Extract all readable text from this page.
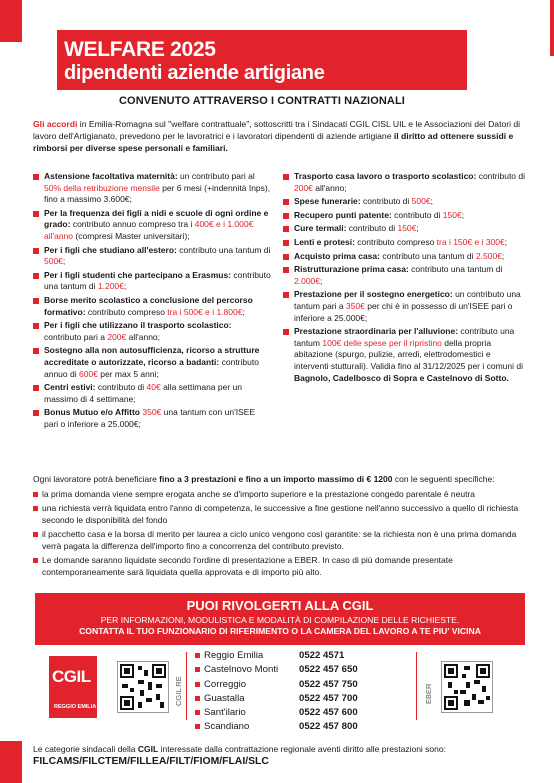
WELFARE 2025
dipendenti aziende artigiane
CONVENUTO ATTRAVERSO I CONTRATTI NAZIONALI
Gli accordi in Emilia-Romagna sul "welfare contrattuale", sottoscritti tra i Sindacati CGIL CISL UIL e le Associazioni dei Datori di lavoro dell'Artigianato, prevedono per le lavoratrici e i lavoratori dipendenti di aziende artigiane il diritto ad ottenere sussidi e rimborsi per diverse spese personali e familiari.
Astensione facoltativa maternità: un contributo pari al 50% della retribuzione mensile per 6 mesi (+indennità Inps), fino a massimo 3.600€;
Per la frequenza dei figli a nidi e scuole di ogni ordine e grado: contributo annuo compreso tra i 400€ e i 1.000€ all'anno (compresi Master universitari);
Per i figli che studiano all'estero: contributo una tantum di 500€;
Per i figli studenti che partecipano a Erasmus: contributo una tantum di 1.200€;
Borse merito scolastico a conclusione del percorso formativo: contributo compreso tra i 500€ e i 1.800€;
Per i figli che utilizzano il trasporto scolastico: contributo pari a 200€ all'anno;
Sostegno alla non autosufficienza, ricorso a strutture accreditate o autorizzate, ricorso a badanti: contributo annuo di 600€ per max 5 anni;
Centri estivi: contributo di 40€ alla settimana per un massimo di 4 settimane;
Bonus Mutuo e/o Affitto 350€ una tantum con un'ISEE pari o inferiore a 25.000€;
Trasporto casa lavoro o trasporto scolastico: contributo di 200€ all'anno;
Spese funerarie: contributo di 500€;
Recupero punti patente: contributo di 150€;
Cure termali: contributo di 150€;
Lenti e protesi: contributo compreso tra i 150€ e i 300€;
Acquisto prima casa: contributo una tantum di 2.500€;
Ristrutturazione prima casa: contributo una tantum di 2.000€;
Prestazione per il sostegno energetico: un contributo una tantum pari a 350€ per chi è in possesso di un'ISEE pari o inferiore a 25.000€;
Prestazione straordinaria per l'alluvione: contributo una tantum 100€ delle spese per il ripristino della propria abitazione (spurgo, pulizie, arredi, elettrodomestici e interventi stutturali). Validia fino al 31/12/2025 per i comuni di Bagnolo, Cadelbosco di Sopra e Castelnovo di Sotto.

Ogni lavoratore potrà beneficiare fino a 3 prestazioni e fino a un importo massimo di € 1200 con le seguenti specifiche:

la prima domanda viene sempre erogata anche se d'importo superiore e la prestazione congedo parentale è neutra
una richiesta verrà liquidata entro l'anno di competenza, le successive a fine gestione nell'anno successivo a quello di richiesta secondo le disponibilità del fondo
il pacchetto casa e la borsa di merito per laurea a ciclo unico vengono così garantite: se la richiesta non è una prima domanda verrà pagata la differenza dell'importo fino a concorrenza del contributo previsto.
Le domande saranno liquidate secondo l'ordine di presentazione a EBER. In caso di più domande presentate contemporaneamente sarà liquidata quella approvata e di importo più alto.
PUOI RIVOLGERTI ALLA CGIL
PER INFORMAZIONI, MODULISTICA E MODALITÀ DI COMPILAZIONE DELLE RICHIESTE.
CONTATTA IL TUO FUNZIONARIO DI RIFERIMENTO O LA CAMERA DEL LAVORO A TE PIU' VICINA
CGIL
REGGIO EMILIA
CGIL RE
Reggio Emilia	0522 4571
Castelnovo Monti	0522 457 650
Correggio	0522 457 750
Guastalla	0522 457 700
Sant'ilario	0522 457 600
Scandiano	0522 457 800
EBER
Le categorie sindacali della CGIL interessate dalla contrattazione regionale aventi diritto alle prestazioni sono:
FILCAMS/FILCTEM/FILLEA/FILT/FIOM/FLAI/SLC
